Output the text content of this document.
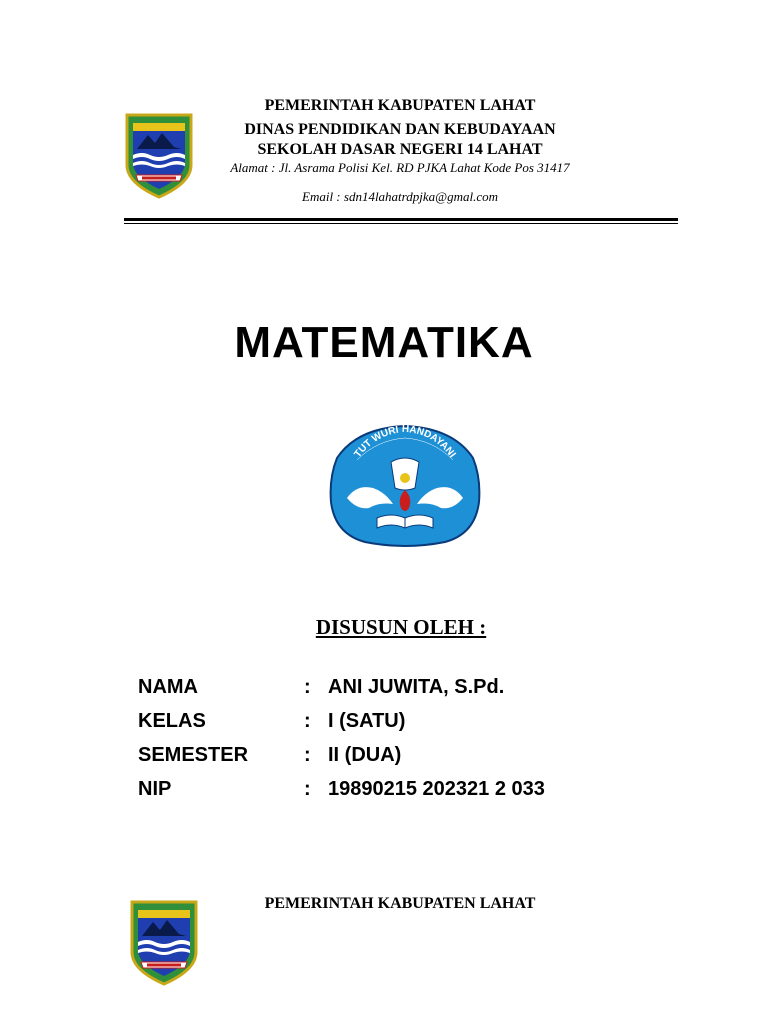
PEMERINTAH KABUPATEN LAHAT
DINAS PENDIDIKAN DAN KEBUDAYAAN
SEKOLAH DASAR NEGERI 14 LAHAT
Alamat : Jl. Asrama Polisi Kel. RD PJKA Lahat Kode Pos 31417
Email : sdn14lahatrdpjka@gmal.com
MATEMATIKA
TUT WURI HANDAYANI
DISUSUN OLEH :
NAMA	: ANI JUWITA, S.Pd.
KELAS	: I (SATU)
SEMESTER	: II (DUA)
NIP	: 19890215 202321 2 033
PEMERINTAH KABUPATEN LAHAT
